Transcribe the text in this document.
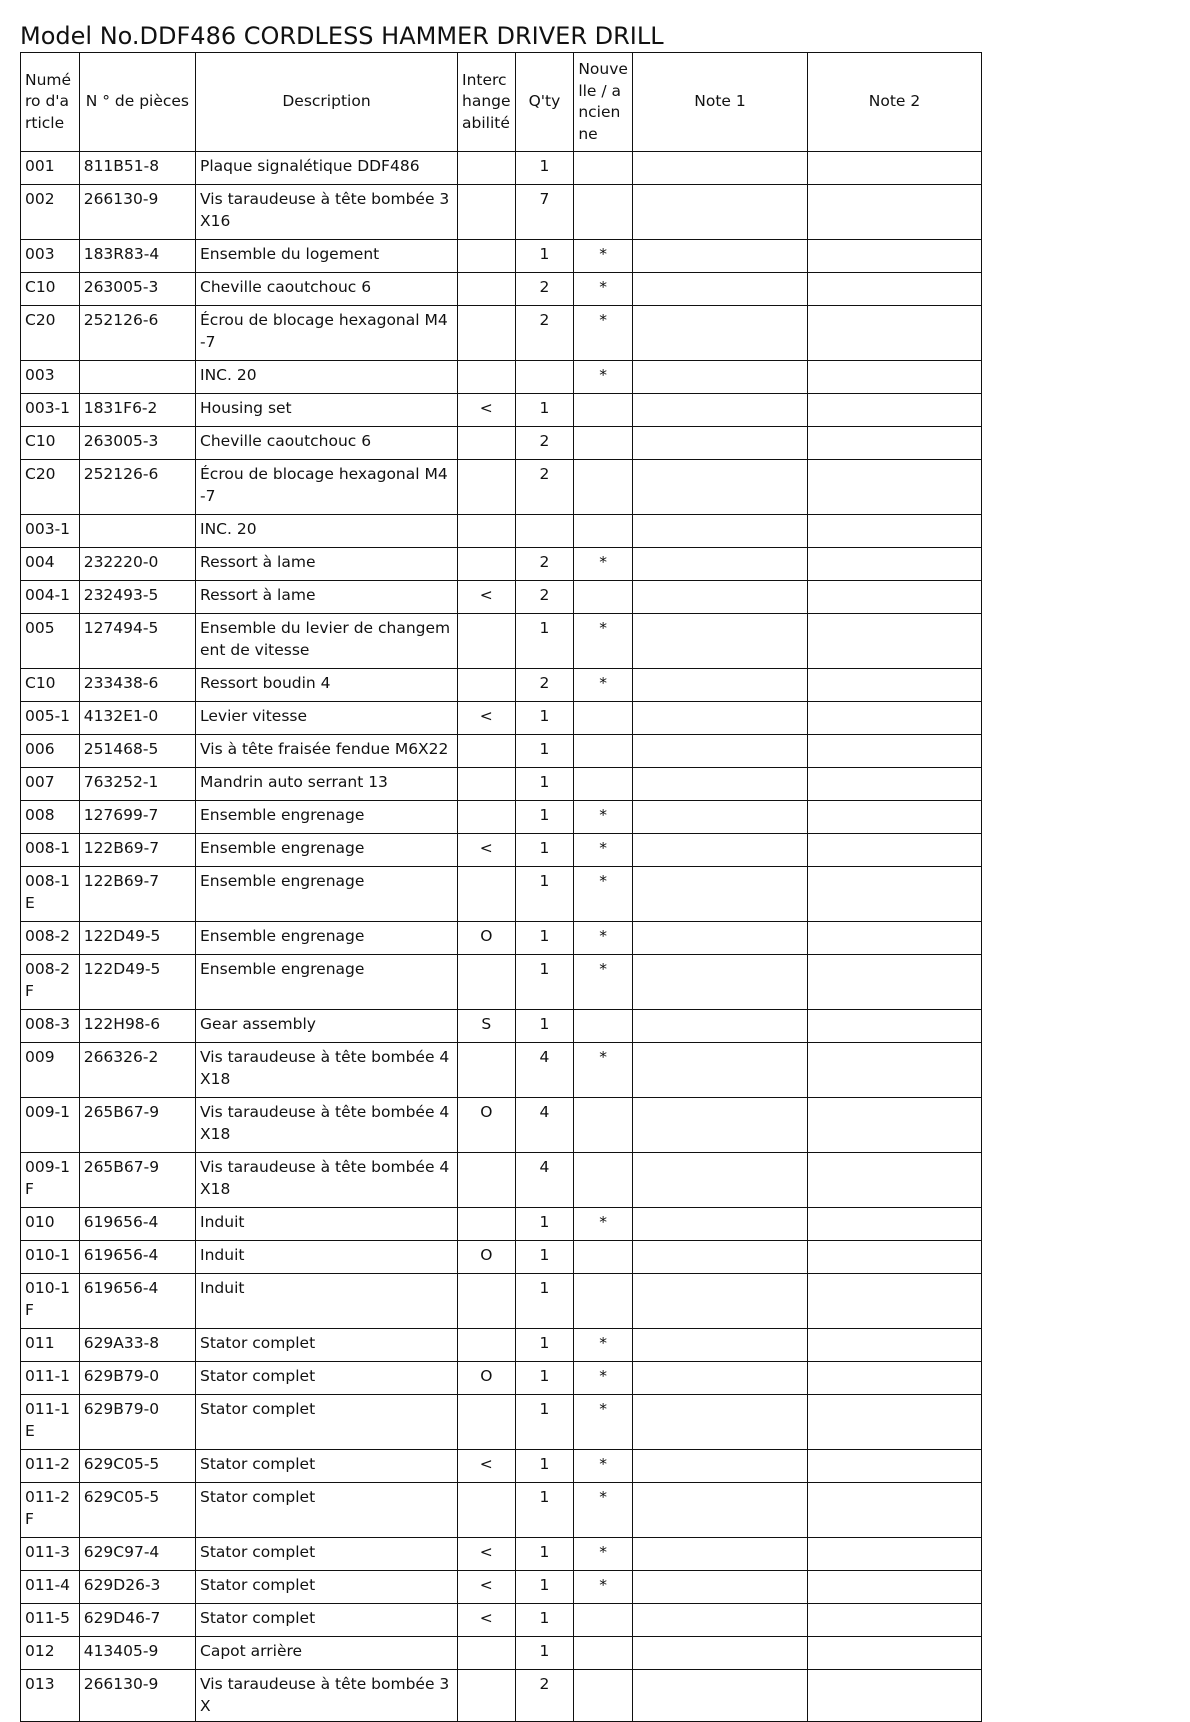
Model No.DDF486 CORDLESS HAMMER DRIVER DRILL
Numéro d'article	N ° de pièces	Description	Interchangeabilité	Q'ty	Nouvelle / ancienne	Note 1	Note 2
001	811B51-8	Plaque signalétique DDF486		1			
002	266130-9	Vis taraudeuse à tête bombée 3X16		7			
003	183R83-4	Ensemble du logement		1	*		
C10	263005-3	Cheville caoutchouc 6		2	*		
C20	252126-6	Écrou de blocage hexagonal M4-7		2	*		
003		INC. 20			*		
003-1	1831F6-2	Housing set	<	1			
C10	263005-3	Cheville caoutchouc 6		2			
C20	252126-6	Écrou de blocage hexagonal M4-7		2			
003-1		INC. 20					
004	232220-0	Ressort à lame		2	*		
004-1	232493-5	Ressort à lame	<	2			
005	127494-5	Ensemble du levier de changement de vitesse		1	*		
C10	233438-6	Ressort boudin 4		2	*		
005-1	4132E1-0	Levier vitesse	<	1			
006	251468-5	Vis à tête fraisée fendue M6X22		1			
007	763252-1	Mandrin auto serrant 13		1			
008	127699-7	Ensemble engrenage		1	*		
008-1	122B69-7	Ensemble engrenage	<	1	*		
008-1E	122B69-7	Ensemble engrenage		1	*		
008-2	122D49-5	Ensemble engrenage	O	1	*		
008-2F	122D49-5	Ensemble engrenage		1	*		
008-3	122H98-6	Gear assembly	S	1			
009	266326-2	Vis taraudeuse à tête bombée 4X18		4	*		
009-1	265B67-9	Vis taraudeuse à tête bombée 4X18	O	4			
009-1F	265B67-9	Vis taraudeuse à tête bombée 4X18		4			
010	619656-4	Induit		1	*		
010-1	619656-4	Induit	O	1			
010-1F	619656-4	Induit		1			
011	629A33-8	Stator complet		1	*		
011-1	629B79-0	Stator complet	O	1	*		
011-1E	629B79-0	Stator complet		1	*		
011-2	629C05-5	Stator complet	<	1	*		
011-2F	629C05-5	Stator complet		1	*		
011-3	629C97-4	Stator complet	<	1	*		
011-4	629D26-3	Stator complet	<	1	*		
011-5	629D46-7	Stator complet	<	1			
012	413405-9	Capot arrière		1			
013	266130-9	Vis taraudeuse à tête bombée 3X		2			
